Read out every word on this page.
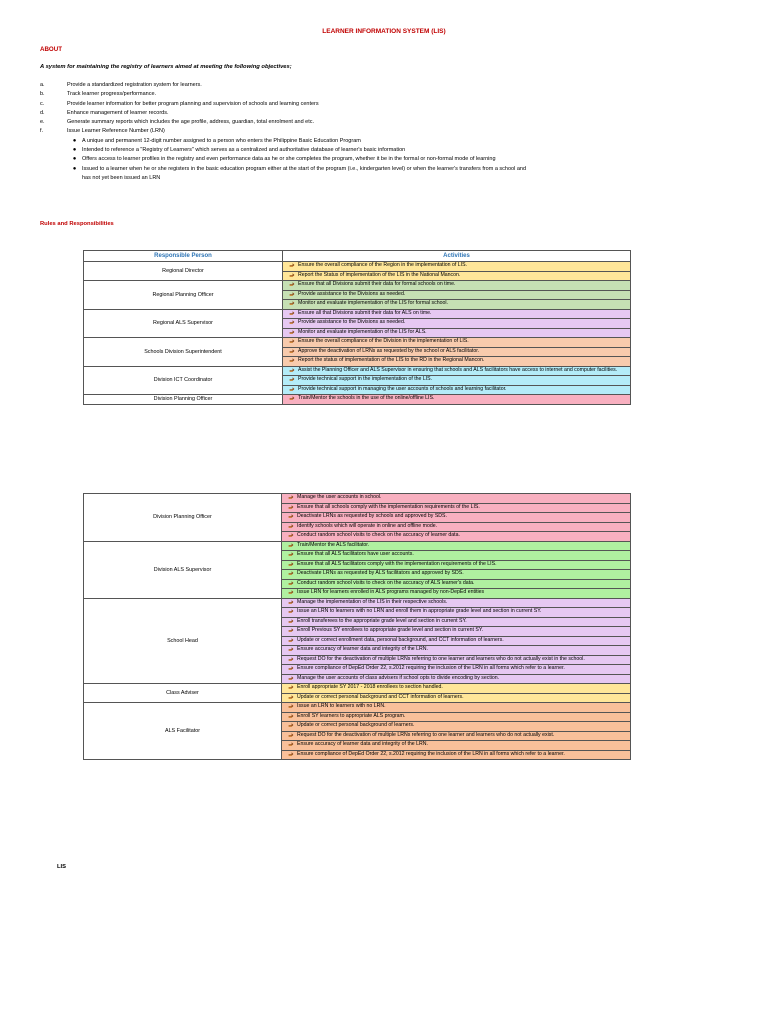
LEARNER INFORMATION SYSTEM (LIS)
ABOUT
A system for maintaining the registry of learners aimed at meeting the following objectives;
a.	Provide a standardized registration system for learners.
b.	Track learner progress/performance.
c.	Provide learner information for better program planning and supervision of schools and learning centers
d.	Enhance management of learner records.
e.	Generate summary reports which includes the age profile, address, guardian, total enrolment and etc.
f.	Issue Learner Reference Number (LRN)
●	A unique and permanent 12-digit number assigned to a person who enters the Philippine Basic Education Program
●	Intended to reference a "Registry of Learners" which serves as a centralized and authoritative database of learner's basic information
●	Offers access to learner profiles in the registry and even performance data as he or she completes the program, whether it be in the formal or non-formal mode of learning
●	Issued to a learner when he or she registers in the basic education program either at the start of the program (i.e., kindergarten level) or when the learner's transfers from a school and
has not yet been issued an LRN
Rules and Responsibilities
Responsible Person	Activities
Regional Director	Ensure the overall compliance of the Region in the implementation of LIS.

	Report the Status of implementation of the LIS in the National Mancon.

Regional Planning Officer	Ensure that all Divisions submit their data for formal schools on time.

	Provide assistance to the Divisions as needed.

	Monitor and evaluate implementation of the LIS for formal school.

Regional ALS Supervisor	Ensure all that Divisions submit their data for ALS on time.

	Provide assistance to the Divisions as needed.

	Monitor and evaluate implementation of the LIS for ALS.

Schools Division Superintendent	Ensure the overall compliance of the Division in the implementation of LIS.

	Approve the deactivation of LRNs as requested by the school or ALS facilitator.

	Report the status of implementation of the LIS to the RD in the Regional Mancon.

Division ICT Coordinator	Assist the Planning Officer and ALS Supervisor in ensuring that schools and ALS facilitators have access to internet and computer facilities.

	Provide technical support in the implementation of the LIS.

	Provide technical support in managing the user accounts of schools and learning facilitator.

Division Planning Officer	Train/Mentor the schools in the use of the online/offline LIS.
Division Planning Officer	Manage the user accounts in school.

	Ensure that all schools comply with the implementation requirements of the LIS.

	Deactivate LRNs as requested by schools and approved by SDS.

	Identify schools which will operate in online and offline mode.

	Conduct random school visits to check on the accuracy of learner data.

Division ALS Supervisor	Train/Mentor the ALS facilitator.

	Ensure that all ALS facilitators have user accounts.

	Ensure that all ALS facilitators comply with the implementation requirements of the LIS.

	Deactivate LRNs as requested by ALS facilitators and approved by SDS.

	Conduct random school visits to check on the accuracy of ALS learner's data.

	Issue LRN for learners enrolled in ALS programs managed by non-DepEd entities

School Head	Manage the implementation of the LIS in their respective schools.

	Issue an LRN to learners with no LRN and enroll them in appropriate grade level and section in current SY.

	Enroll transferees to the appropriate grade level and section in current SY.

	Enroll Previous SY enrollees to appropriate grade level and section in current SY.

	Update or correct enrollment data, personal background, and CCT information of learners.

	Ensure accuracy of learner data and integrity of the LRN.

	Request DO for the deactivation of multiple LRNs referring to one learner and learners who do not actually exist in the school.

	Ensure compliance of DepEd Order 22, s.2012 requiring the inclusion of the LRN in all forms which refer to a learner.

	Manage the user accounts of class advisers if school opts to divide encoding by section.

Class Adviser	Enroll appropriate SY 2017 - 2018 enrollees to section handled.

	Update or correct personal background and CCT information of learners.

ALS Facilitator	Issue an LRN to learners with no LRN.

	Enroll SY learners to appropriate ALS program.

	Update or correct personal background of learners.

	Request DO for the deactivation of multiple LRNs referring to one learner and learners who do not actually exist.

	Ensure accuracy of learner data and integrity of the LRN.

	Ensure compliance of DepEd Order 22, s.2012 requiring the inclusion of the LRN in all forms which refer to a learner.
LIS
